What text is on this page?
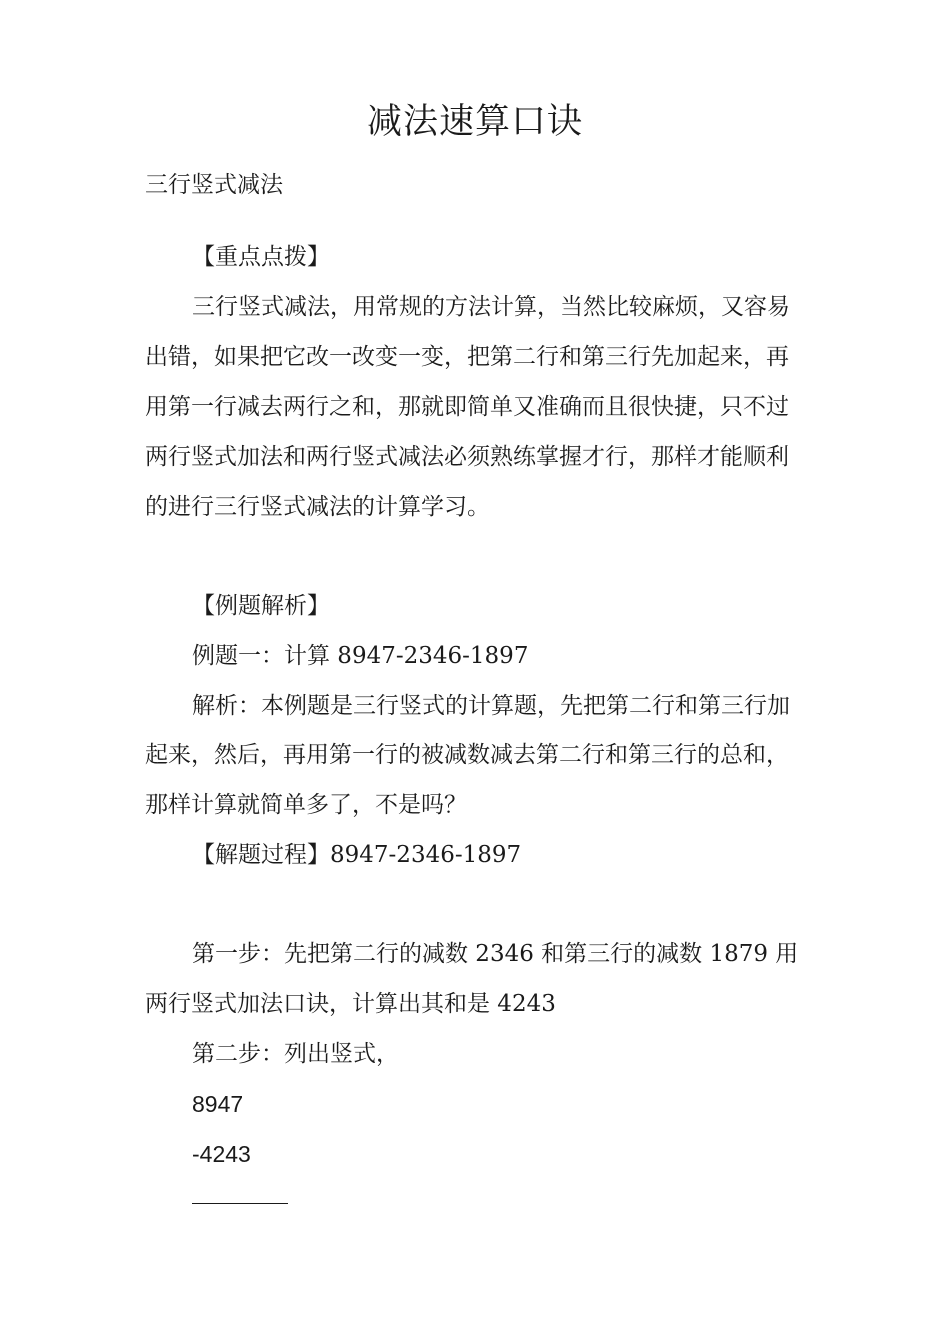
减法速算口诀
三行竖式减法
【重点点拨】
三行竖式减法，用常规的方法计算，当然比较麻烦，又容易
出错，如果把它改一改变一变，把第二行和第三行先加起来，再
用第一行减去两行之和，那就即简单又准确而且很快捷，只不过
两行竖式加法和两行竖式减法必须熟练掌握才行，那样才能顺利
的进行三行竖式减法的计算学习。
【例题解析】
例题一：计算 8947-2346-1897
解析：本例题是三行竖式的计算题，先把第二行和第三行加
起来，然后，再用第一行的被减数减去第二行和第三行的总和，
那样计算就简单多了，不是吗？
【解题过程】8947-2346-1897
第一步：先把第二行的减数 2346 和第三行的减数 1879 用
两行竖式加法口诀，计算出其和是 4243
第二步：列出竖式，
8947
-4243
